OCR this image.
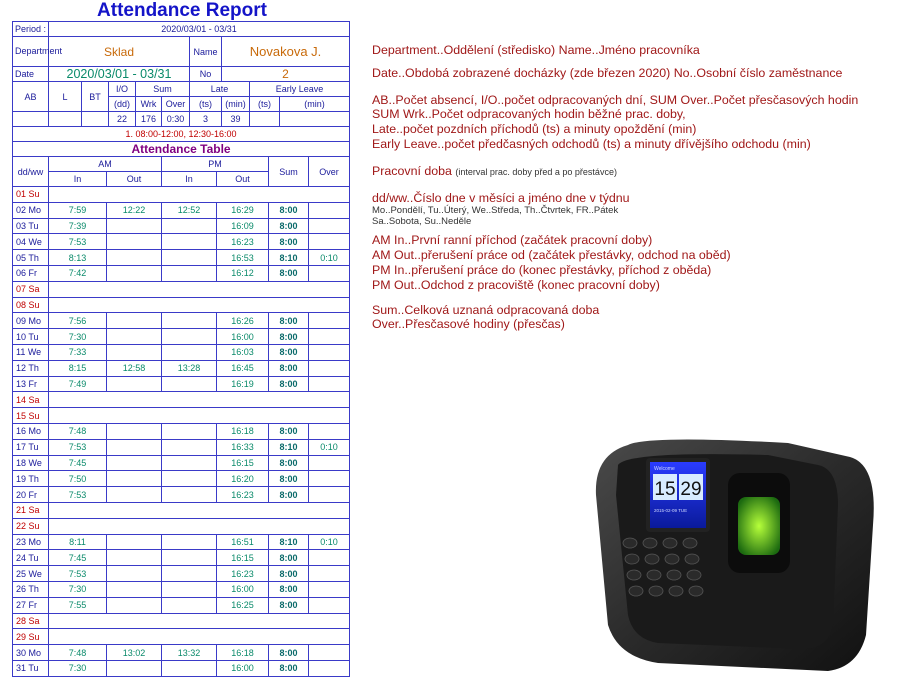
Attendance Report
Period :	2020/03/01 - 03/31								
Department	Sklad					Name	Novakova J.		
Date	2020/03/01 - 03/31					No	2		
AB	L	BT	I/O	Sum		Late		Early Leave	
			(dd)	Wrk	Over	(ts)	(min)	(ts)	(min)
			22	176	0:30	3	39		
1. 08:00-12:00, 12:30-16:00									
Attendance Table						
dd/ww	AM		PM		Sum	Over
	In	Out	In	Out		
01 Su						
02 Mo	7:59	12:22	12:52	16:29	8:00	
03 Tu	7:39			16:09	8:00	
04 We	7:53			16:23	8:00	
05 Th	8:13			16:53	8:10	0:10
06 Fr	7:42			16:12	8:00	
07 Sa						
08 Su						
09 Mo	7:56			16:26	8:00	
10 Tu	7:30			16:00	8:00	
11 We	7:33			16:03	8:00	
12 Th	8:15	12:58	13:28	16:45	8:00	
13 Fr	7:49			16:19	8:00	
14 Sa						
15 Su						
16 Mo	7:48			16:18	8:00	
17 Tu	7:53			16:33	8:10	0:10
18 We	7:45			16:15	8:00	
19 Th	7:50			16:20	8:00	
20 Fr	7:53			16:23	8:00	
21 Sa						
22 Su						
23 Mo	8:11			16:51	8:10	0:10
24 Tu	7:45			16:15	8:00	
25 We	7:53			16:23	8:00	
26 Th	7:30			16:00	8:00	
27 Fr	7:55			16:25	8:00	
28 Sa						
29 Su						
30 Mo	7:48	13:02	13:32	16:18	8:00	
31 Tu	7:30			16:00	8:00	
Department..Oddělení (středisko) Name..Jméno pracovníka
Date..Obdobá zobrazené docházky (zde březen 2020) No..Osobní číslo zaměstnance
AB..Počet absencí, I/O..počet odpracovaných dní, SUM Over..Počet přesčasových hodin
SUM Wrk..Počet odpracovaných hodin běžné prac. doby,
Late..počet pozdních příchodů (ts) a minuty opoždění (min)
Early Leave..počet předčasných odchodů (ts) a minuty dřívějšího odchodu (min)
Pracovní doba (interval prac. doby před a po přestávce)
dd/ww..Číslo dne v měsíci a jméno dne v týdnu
Mo..Pondělí, Tu..Úterý, We..Středa, Th..Čtvrtek, FR..Pátek
Sa..Sobota, Su..Neděle
AM In..První ranní příchod (začátek pracovní doby)
AM Out..přerušení práce od (začátek přestávky, odchod na oběd)
PM In..přerušení práce do (konec přestávky, příchod z oběda)
PM Out..Odchod z pracoviště (konec pracovní doby)
Sum..Celková uznaná odpracovaná doba
Over..Přesčasové hodiny (přesčas)
Welcome
15 29
2015-02-09 TUE
